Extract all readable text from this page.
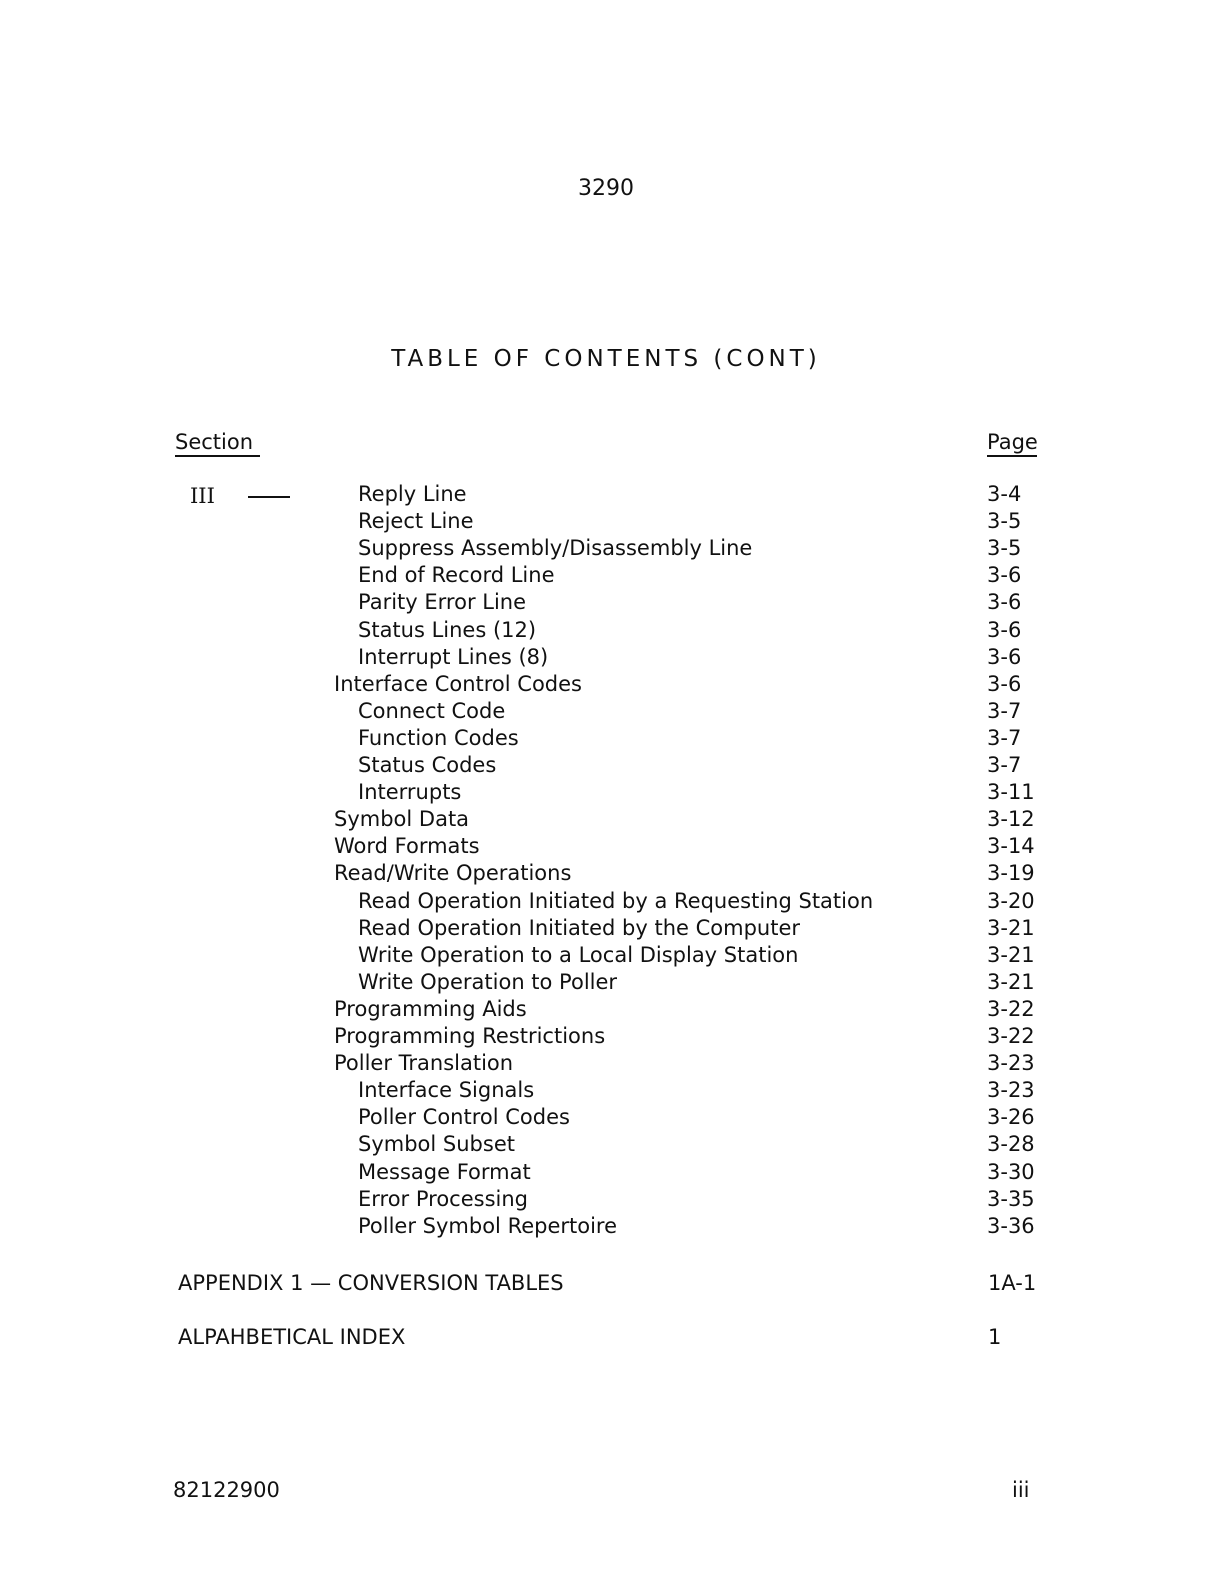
3290
TABLE OF CONTENTS (CONT)
Section	Page
III	Reply Line	3-4
Reject Line	3-5
Suppress Assembly/Disassembly Line	3-5
End of Record Line	3-6
Parity Error Line	3-6
Status Lines (12)	3-6
Interrupt Lines (8)	3-6
Interface Control Codes	3-6
Connect Code	3-7
Function Codes	3-7
Status Codes	3-7
Interrupts	3-11
Symbol Data	3-12
Word Formats	3-14
Read/Write Operations	3-19
Read Operation Initiated by a Requesting Station	3-20
Read Operation Initiated by the Computer	3-21
Write Operation to a Local Display Station	3-21
Write Operation to Poller	3-21
Programming Aids	3-22
Programming Restrictions	3-22
Poller Translation	3-23
Interface Signals	3-23
Poller Control Codes	3-26
Symbol Subset	3-28
Message Format	3-30
Error Processing	3-35
Poller Symbol Repertoire	3-36
APPENDIX 1 — CONVERSION TABLES	1A-1
ALPAHBETICAL INDEX	1
82122900	iii
